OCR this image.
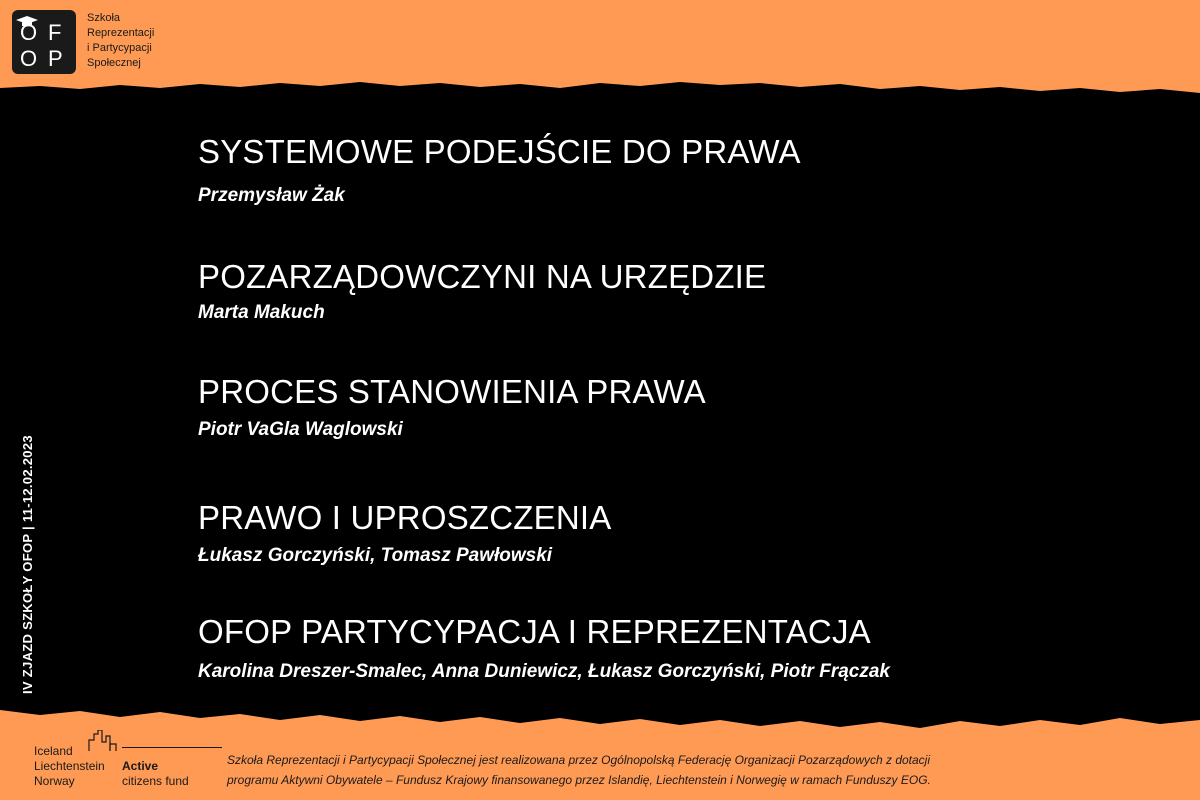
O F
O P
Szkoła
Reprezentacji
i Partycypacji
Społecznej
IV ZJAZD SZKOŁY OFOP | 11-12.02.2023
SYSTEMOWE PODEJŚCIE DO PRAWA

Przemysław Żak

POZARZĄDOWCZYNI NA URZĘDZIE

Marta Makuch

PROCES STANOWIENIA PRAWA

Piotr VaGla Waglowski

PRAWO I UPROSZCZENIA

Łukasz Gorczyński, Tomasz Pawłowski

OFOP PARTYCYPACJA I REPREZENTACJA

Karolina Dreszer-Smalec, Anna Duniewicz, Łukasz Gorczyński, Piotr Frączak

Iceland
Liechtenstein
Norway
Active
citizens fund
Szkoła Reprezentacji i Partycypacji Społecznej jest realizowana przez Ogólnopolską Federację Organizacji Pozarządowych z dotacji
programu Aktywni Obywatele – Fundusz Krajowy finansowanego przez Islandię, Liechtenstein i Norwegię w ramach Funduszy EOG.
